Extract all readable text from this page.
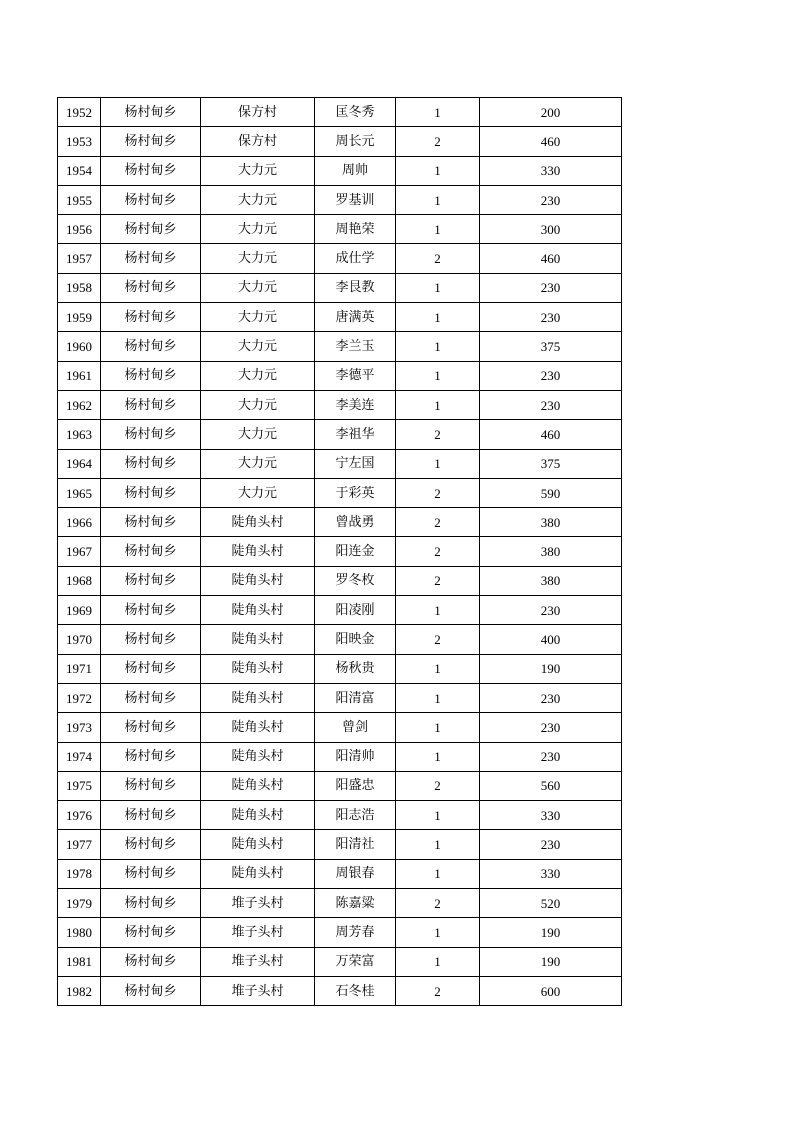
1952	杨村甸乡	保方村	匡冬秀	1	200
1953	杨村甸乡	保方村	周长元	2	460
1954	杨村甸乡	大力元	周帅	1	330
1955	杨村甸乡	大力元	罗基训	1	230
1956	杨村甸乡	大力元	周艳荣	1	300
1957	杨村甸乡	大力元	成仕学	2	460
1958	杨村甸乡	大力元	李艮教	1	230
1959	杨村甸乡	大力元	唐满英	1	230
1960	杨村甸乡	大力元	李兰玉	1	375
1961	杨村甸乡	大力元	李德平	1	230
1962	杨村甸乡	大力元	李美连	1	230
1963	杨村甸乡	大力元	李祖华	2	460
1964	杨村甸乡	大力元	宁左国	1	375
1965	杨村甸乡	大力元	于彩英	2	590
1966	杨村甸乡	陡角头村	曾战勇	2	380
1967	杨村甸乡	陡角头村	阳连金	2	380
1968	杨村甸乡	陡角头村	罗冬枚	2	380
1969	杨村甸乡	陡角头村	阳凌刚	1	230
1970	杨村甸乡	陡角头村	阳映金	2	400
1971	杨村甸乡	陡角头村	杨秋贵	1	190
1972	杨村甸乡	陡角头村	阳清富	1	230
1973	杨村甸乡	陡角头村	曾剑	1	230
1974	杨村甸乡	陡角头村	阳清帅	1	230
1975	杨村甸乡	陡角头村	阳盛忠	2	560
1976	杨村甸乡	陡角头村	阳志浩	1	330
1977	杨村甸乡	陡角头村	阳清社	1	230
1978	杨村甸乡	陡角头村	周银春	1	330
1979	杨村甸乡	堆子头村	陈嘉粱	2	520
1980	杨村甸乡	堆子头村	周芳春	1	190
1981	杨村甸乡	堆子头村	万荣富	1	190
1982	杨村甸乡	堆子头村	石冬桂	2	600
